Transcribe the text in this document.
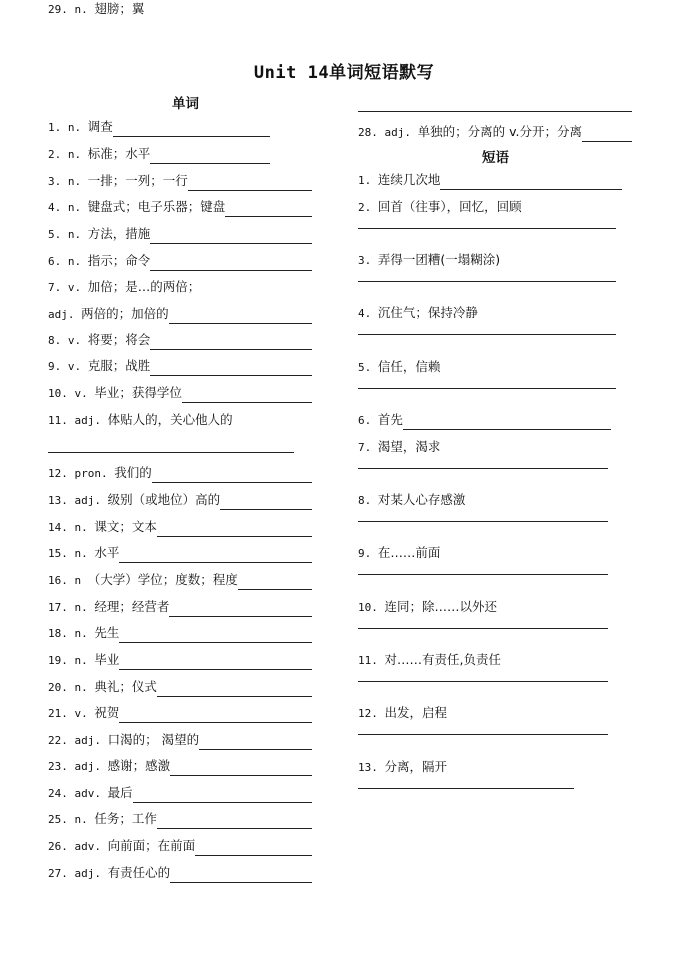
Unit 14单词短语默写
单词
短语
1. n. 调查
2. n. 标准；水平
3. n. 一排；一列；一行
4. n. 键盘式；电子乐器；键盘
5. n. 方法，措施
6. n. 指示；命令
7. v. 加倍；是…的两倍；
adj. 两倍的；加倍的
8. v. 将要；将会
9. v. 克服；战胜
10. v. 毕业；获得学位
11. adj. 体贴人的，关心他人的
12. pron. 我们的
13. adj. 级别（或地位）高的
14. n. 课文；文本
15. n. 水平
16. n （大学）学位；度数；程度
17. n. 经理；经营者
18. n. 先生
19. n. 毕业
20. n. 典礼；仪式
21. v. 祝贺
22. adj. 口渴的； 渴望的
23. adj. 感谢；感激
24. adv. 最后
25. n. 任务；工作
26. adv. 向前面；在前面
27. adj. 有责任心的
29. n. 翅膀；翼
28. adj. 单独的；分离的 v.分开；分离
1. 连续几次地
2. 回首（往事），回忆，回顾
3. 弄得一团糟(一塌糊涂)
4. 沉住气；保持冷静
5. 信任，信赖
6. 首先
7. 渴望，渴求
8. 对某人心存感激
9. 在……前面
10. 连同；除……以外还
11. 对……有责任,负责任
12. 出发，启程
13. 分离，隔开
